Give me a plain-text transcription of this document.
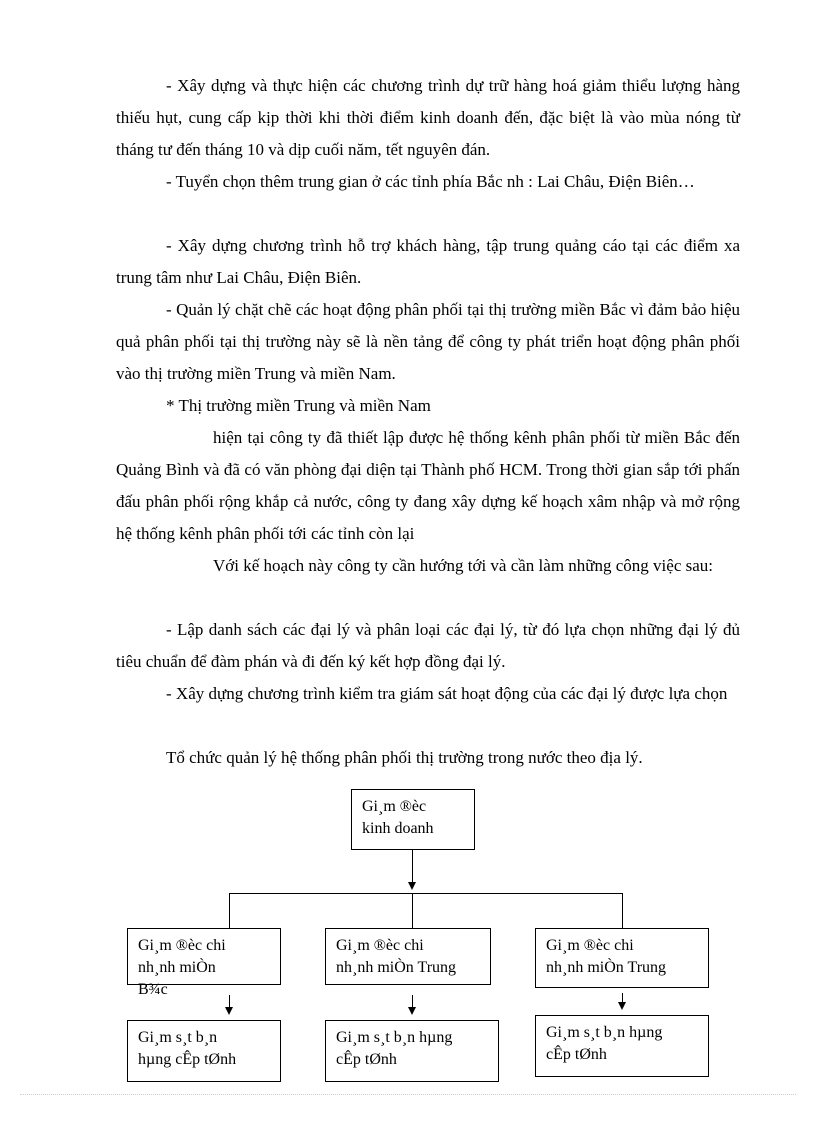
- Xây dựng và thực hiện các chương trình dự trữ hàng hoá giảm thiểu lượng hàng thiếu hụt, cung cấp kịp thời khi thời điểm kinh doanh đến, đặc biệt là vào mùa nóng từ tháng tư đến tháng 10 và dịp cuối năm, tết nguyên đán.

- Tuyển chọn thêm trung gian ở các tỉnh phía Bắc nh : Lai Châu, Điện Biên…

- Xây dựng chương trình hỗ trợ khách hàng, tập trung quảng cáo tại các điểm xa trung tâm như Lai Châu, Điện Biên.

- Quản lý chặt chẽ các hoạt động phân phối tại thị trường miền Bắc vì đảm bảo hiệu quả phân phối tại thị trường này sẽ là nền tảng để công ty phát triển hoạt động phân phối vào thị trường miền Trung và miền Nam.

* Thị trường miền Trung và miền Nam

hiện tại công ty đã thiết lập được hệ thống kênh phân phối từ miền Bắc đến Quảng Bình và đã có văn phòng đại diện tại Thành phố HCM. Trong thời gian sắp tới phấn đấu phân phối rộng khắp cả nước, công ty đang xây dựng kế hoạch xâm nhập và mở rộng hệ thống kênh phân phối tới các tỉnh còn lại

Với kế hoạch này công ty cần hướng tới và cần làm những công việc sau:

- Lập danh sách các đại lý và phân loại các đại lý, từ đó lựa chọn những đại lý đủ tiêu chuẩn để đàm phán và đi đến ký kết hợp đồng đại lý.

- Xây dựng chương trình kiểm tra giám sát hoạt động của các đại lý được lựa chọn

Tổ chức quản lý hệ thống phân phối thị trường trong nước theo địa lý.

Gi¸m ®èc
kinh doanh
Gi¸m ®èc chi
nh¸nh miÒn
B¾c
Gi¸m ®èc chi
nh¸nh miÒn Trung
Gi¸m ®èc chi
nh¸nh miÒn Trung
Gi¸m s¸t b¸n
hµng cÊp tØnh
Gi¸m s¸t b¸n hµng
cÊp tØnh
Gi¸m s¸t b¸n hµng
cÊp tØnh
